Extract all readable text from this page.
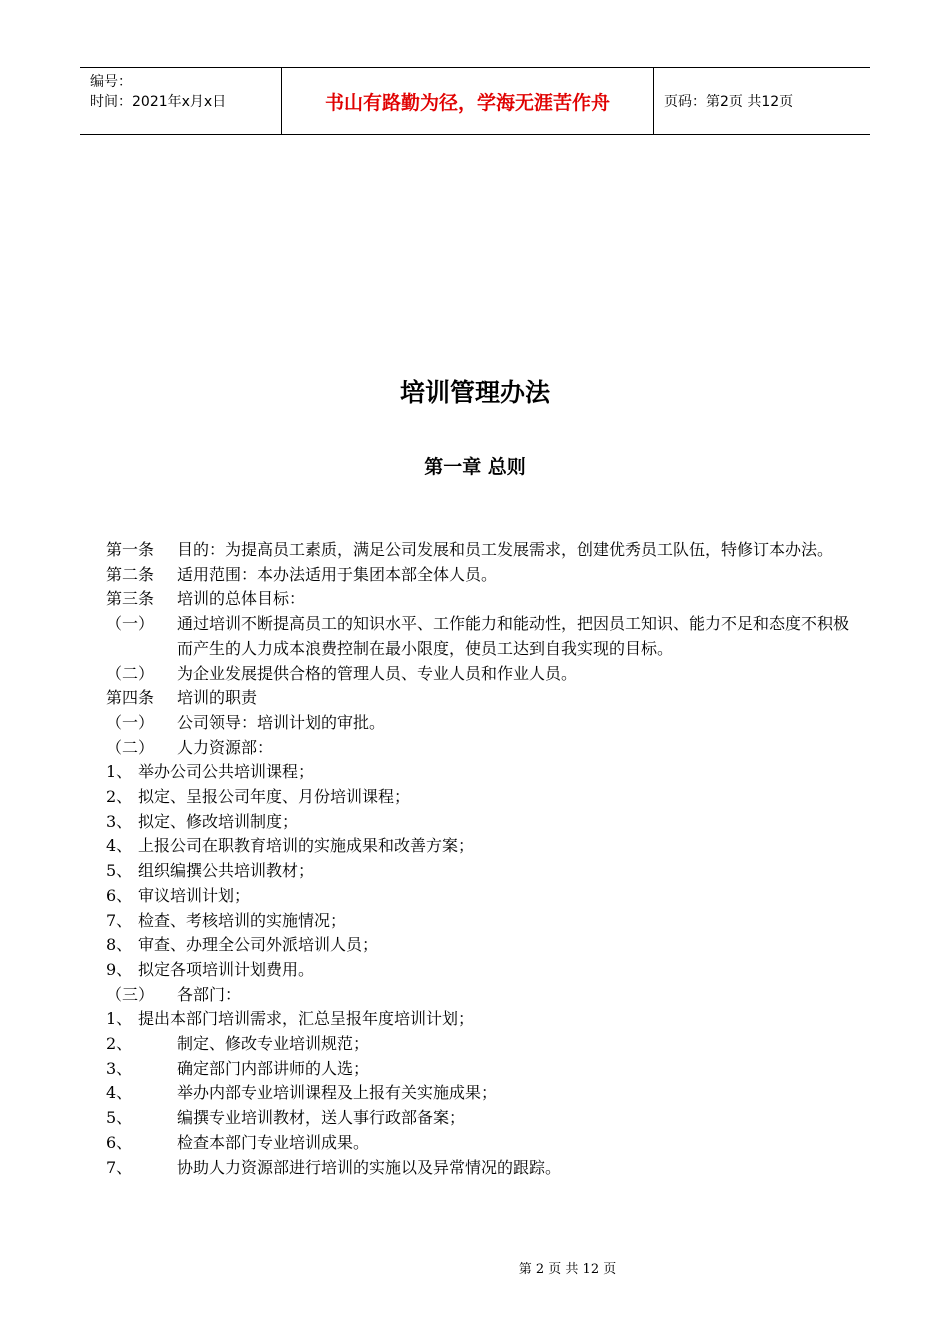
编号：
时间：2021年x月x日	书山有路勤为径，学海无涯苦作舟	页码：第2页 共12页
培训管理办法
第一章 总则
第一条 目的：为提高员工素质，满足公司发展和员工发展需求，创建优秀员工队伍，特修订本办法。
第二条 适用范围：本办法适用于集团本部全体人员。
第三条 培训的总体目标：
（一） 通过培训不断提高员工的知识水平、工作能力和能动性，把因员工知识、能力不足和态度不积极而产生的人力成本浪费控制在最小限度，使员工达到自我实现的目标。
（二） 为企业发展提供合格的管理人员、专业人员和作业人员。
第四条 培训的职责
（一） 公司领导：培训计划的审批。
（二） 人力资源部：
1、 举办公司公共培训课程；
2、 拟定、呈报公司年度、月份培训课程；
3、 拟定、修改培训制度；
4、 上报公司在职教育培训的实施成果和改善方案；
5、 组织编撰公共培训教材；
6、 审议培训计划；
7、 检查、考核培训的实施情况；
8、 审查、办理全公司外派培训人员；
9、 拟定各项培训计划费用。
（三） 各部门：
1、 提出本部门培训需求，汇总呈报年度培训计划；
2、	制定、修改专业培训规范；
3、	确定部门内部讲师的人选；
4、	举办内部专业培训课程及上报有关实施成果；
5、	编撰专业培训教材，送人事行政部备案；
6、	检查本部门专业培训成果。
7、	协助人力资源部进行培训的实施以及异常情况的跟踪。
第 2 页 共 12 页
